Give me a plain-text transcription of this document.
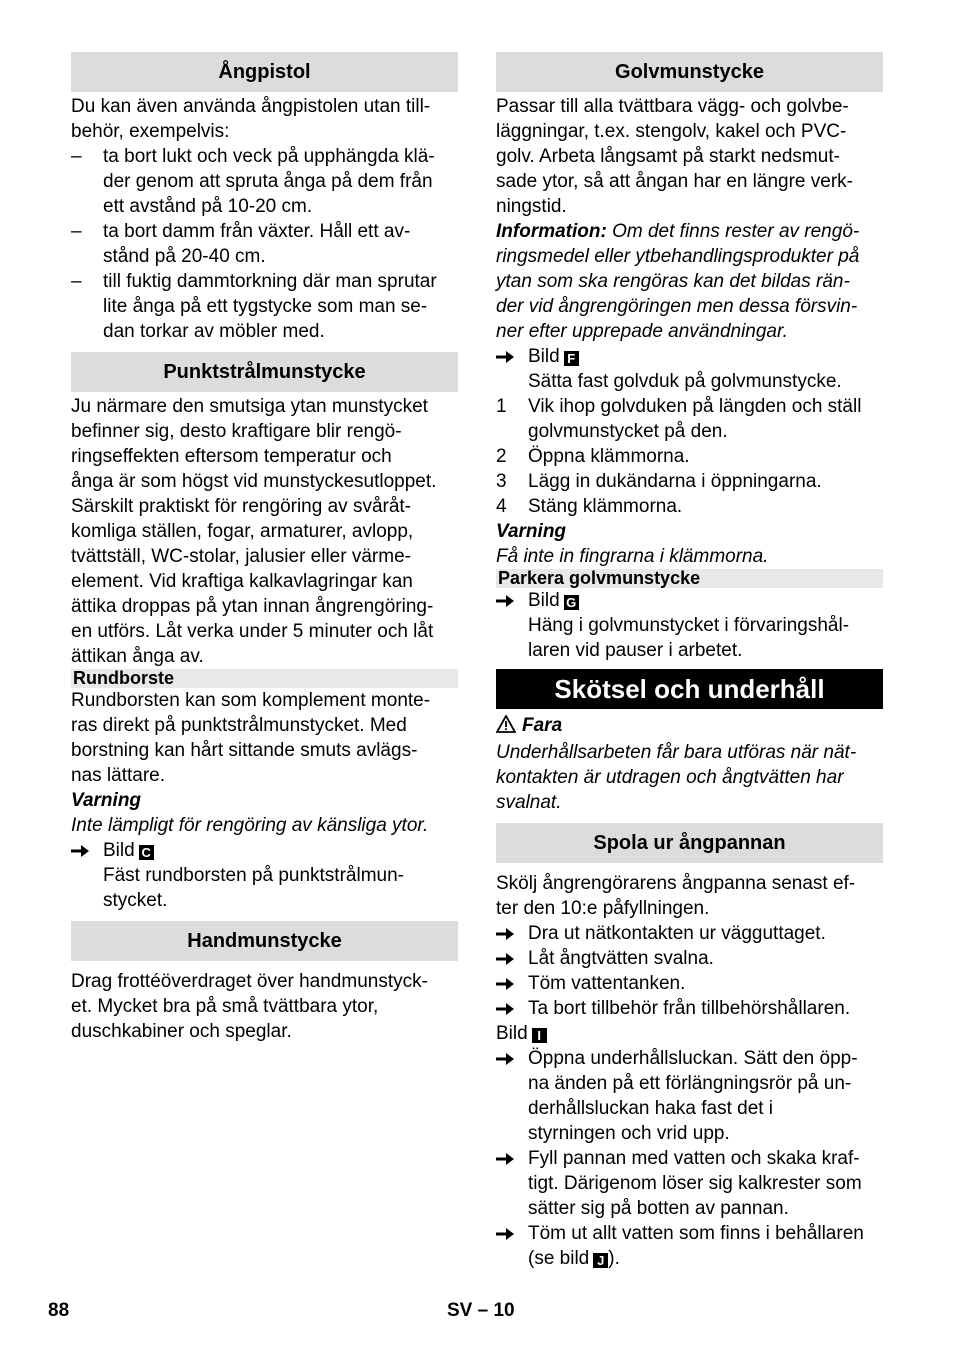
Ångpistol

Du kan även använda ångpistolen utan till-

behör, exempelvis:

–	ta bort lukt och veck på upphängda klä-

der genom att spruta ånga på dem från

ett avstånd på 10-20 cm.

–	ta bort damm från växter. Håll ett av-

stånd på 20-40 cm.

–	till fuktig dammtorkning där man sprutar

lite ånga på ett tygstycke som man se-

dan torkar av möbler med.

Punktstrålmunstycke

Ju närmare den smutsiga ytan munstycket

befinner sig, desto kraftigare blir rengö-

ringseffekten eftersom temperatur och

ånga är som högst vid munstyckesutloppet.

Särskilt praktiskt för rengöring av svåråt-

komliga ställen, fogar, armaturer, avlopp,

tvättställ, WC-stolar, jalusier eller värme-

element. Vid kraftiga kalkavlagringar kan

ättika droppas på ytan innan ångrengöring-

en utförs. Låt verka under 5 minuter och låt

ättikan ånga av.

Rundborste

Rundborsten kan som komplement monte-

ras direkt på punktstrålmunstycket. Med

borstning kan hårt sittande smuts avlägs-

nas lättare.

Varning

Inte lämpligt för rengöring av känsliga ytor.

Bild C

Fäst rundborsten på punktstrålmun-

stycket.

Handmunstycke

Drag frottéöverdraget över handmunstyck-

et. Mycket bra på små tvättbara ytor,

duschkabiner och speglar.

Golvmunstycke

Passar till alla tvättbara vägg- och golvbe-

läggningar, t.ex. stengolv, kakel och PVC-

golv. Arbeta långsamt på starkt nedsmut-

sade ytor, så att ångan har en längre verk-

ningstid.

Information: Om det finns rester av rengö-

ringsmedel eller ytbehandlingsprodukter på

ytan som ska rengöras kan det bildas rän-

der vid ångrengöringen men dessa försvin-

ner efter upprepade användningar.

Bild F

Sätta fast golvduk på golvmunstycke.

1	Vik ihop golvduken på längden och ställ

golvmunstycket på den.

2	Öppna klämmorna.

3	Lägg in dukändarna i öppningarna.

4	Stäng klämmorna.

Varning

Få inte in fingrarna i klämmorna.

Parkera golvmunstycke

Bild G

Häng i golvmunstycket i förvaringshål-

laren vid pauser i arbetet.

Skötsel och underhåll

Fara

Underhållsarbeten får bara utföras när nät-

kontakten är utdragen och ångtvätten har

svalnat.

Spola ur ångpannan

Skölj ångrengörarens ångpanna senast ef-

ter den 10:e påfyllningen.

Dra ut nätkontakten ur vägguttaget.

Låt ångtvätten svalna.

Töm vattentanken.

Ta bort tillbehör från tillbehörshållaren.

Bild I

Öppna underhållsluckan. Sätt den öpp-

na änden på ett förlängningsrör på un-

derhållsluckan haka fast det i

styrningen och vrid upp.

Fyll pannan med vatten och skaka kraf-

tigt. Därigenom löser sig kalkrester som

sätter sig på botten av pannan.

Töm ut allt vatten som finns i behållaren

(se bild J ).

88	SV – 10
